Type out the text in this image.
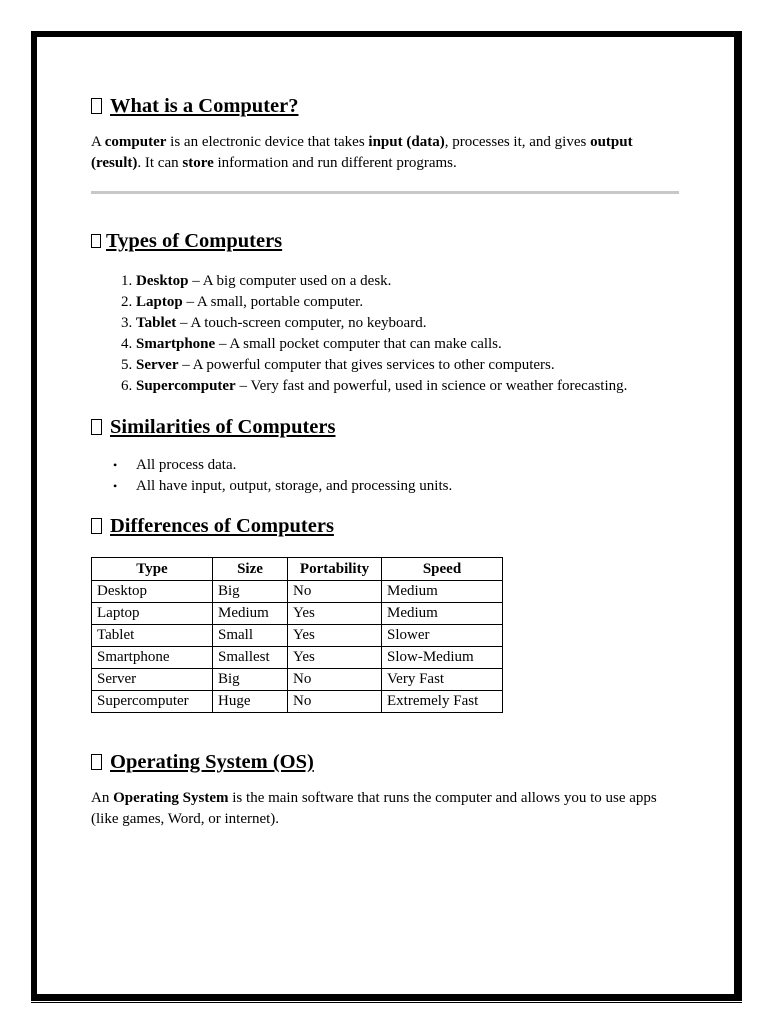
What is a Computer?

A computer is an electronic device that takes input (data), processes it, and gives output (result). It can store information and run different programs.

Types of Computers
1. Desktop – A big computer used on a desk.
2. Laptop – A small, portable computer.
3. Tablet – A touch-screen computer, no keyboard.
4. Smartphone – A small pocket computer that can make calls.
5. Server – A powerful computer that gives services to other computers.
6. Supercomputer – Very fast and powerful, used in science or weather forecasting.
Similarities of Computers
• All process data.
• All have input, output, storage, and processing units.
Differences of Computers
Type	Size	Portability	Speed
Desktop	Big	No	Medium
Laptop	Medium	Yes	Medium
Tablet	Small	Yes	Slower
Smartphone	Smallest	Yes	Slow-Medium
Server	Big	No	Very Fast
Supercomputer	Huge	No	Extremely Fast
Operating System (OS)

An Operating System is the main software that runs the computer and allows you to use apps (like games, Word, or internet).
